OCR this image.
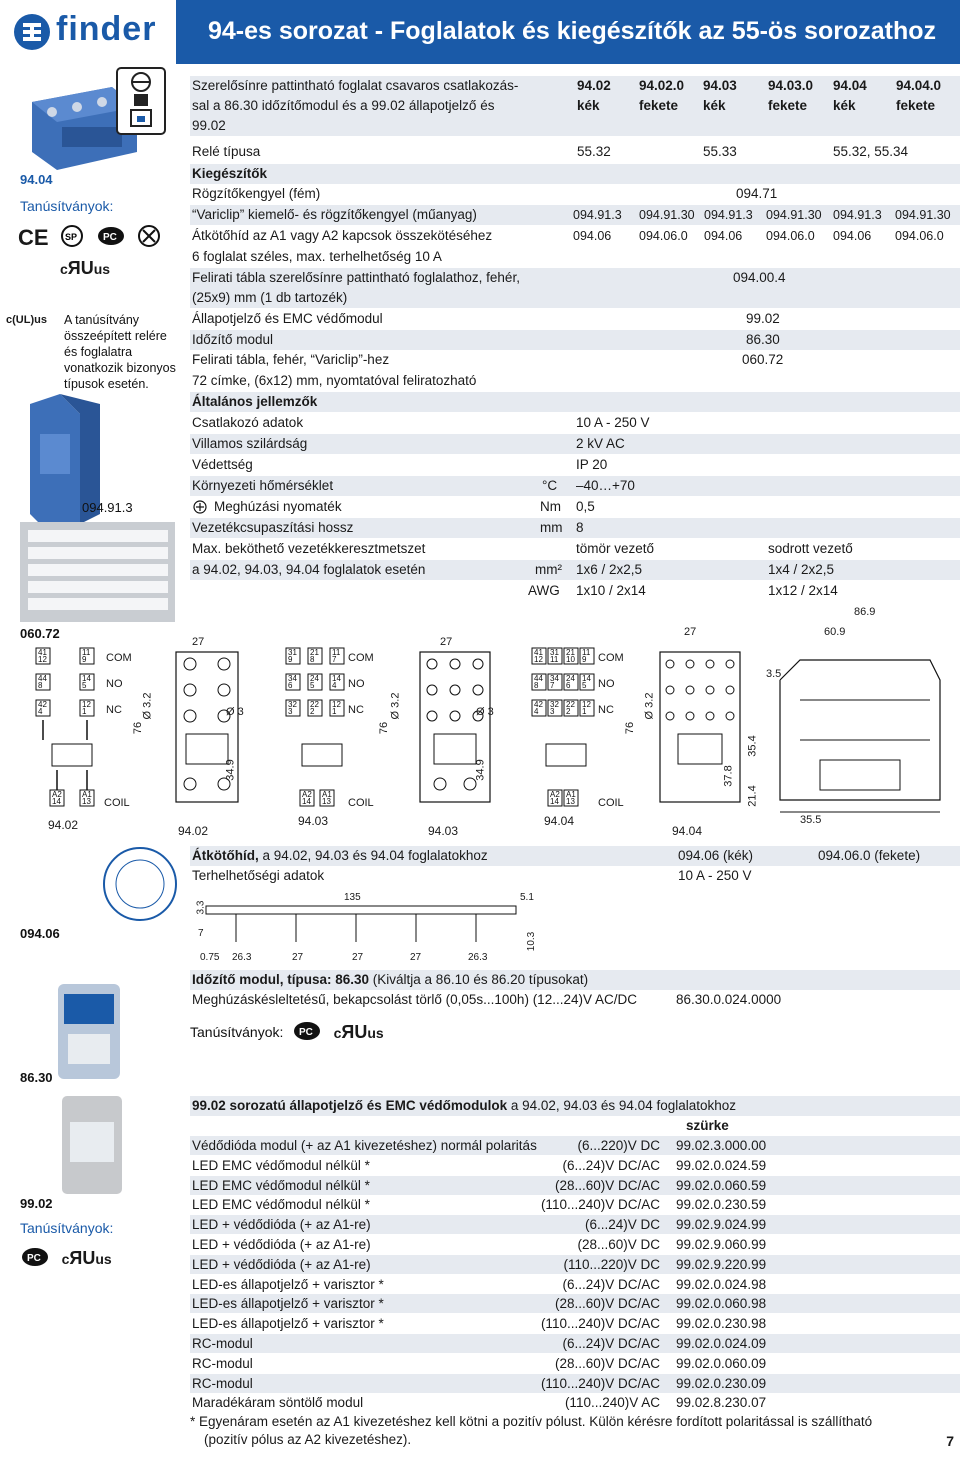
finder 94-es sorozat - Foglalatok és kiegészítők az 55-ös sorozathoz
94.04
Tanúsítványok:
CE SP
	PC

cЯUus
c(UL)us A tanúsítvány összeépített relére és foglalatra vonatkozik bizonyos típusok esetén.
094.91.3
060.72
094.06
86.30
99.02
Tanúsítványok:
PC cЯUus
Szerelősínre pattintható foglalat csavaros csatlakozás-	94.02 94.02.0 94.03 94.03.0 94.04 94.04.0
sal a 86.30 időzítőmodul és a 99.02 állapotjelző és	kék	fekete kék	fekete kék	fekete
99.02
Relé típusa	55.32	55.33	55.32, 55.34
Kiegészítők
Rögzítőkengyel (fém)	094.71
“Variclip” kiemelő- és rögzítőkengyel (műanyag)	094.91.3 094.91.30 094.91.3 094.91.30 094.91.3 094.91.30
Átkötőhíd az A1 vagy A2 kapcsok összekötéséhez	094.06 094.06.0 094.06 094.06.0 094.06 094.06.0
6 foglalat széles, max. terhelhetőség 10 A
Felirati tábla szerelősínre pattintható foglalathoz, fehér,	094.00.4
(25x9) mm (1 db tartozék)
Állapotjelző és EMC védőmodul	99.02
Időzítő modul	86.30
Felirati tábla, fehér, “Variclip”-hez	060.72
72 címke, (6x12) mm, nyomtatóval feliratozható
Általános jellemzők
Csatlakozó adatok	10 A - 250 V
Villamos szilárdság	2 kV AC
Védettség	IP 20
Környezeti hőmérséklet	°C –40…+70
Meghúzási nyomaték	Nm 0,5
Vezetékcsupaszítási hossz	mm 8
Max. beköthető vezetékkeresztmetszet	tömör vezető	sodrott vezető
a 94.02, 94.03, 94.04 foglalatok esetén	mm² 1x6 / 2x2,5	1x4 / 2x2,5
AWG 1x10 / 2x14	1x12 / 2x14
41
12
11
9
44
8
14
5
42
4
12
1
A2
14
A1
13
COM
NO
NC
COIL
94.02
27
76
Ø 3.2	Ø 3
34.9
94.02
31
9
21
8
11
7
34
6
24
5
14
4
32
3
22
2
12
1
A2
14
A1
13
COM
NO
NC
COIL
94.03
27
76
Ø 3.2	Ø 3
34.9
94.03
41
12
31
11
21
10
11
9
44
8
34
7
24
6
14
5
42
4
32
3
22
2
12
1
A2
14
A1
13
COM
NO
NC
COIL
94.04
27
76
Ø 3.2
94.04
86.9
60.9
3.5
35.4
37.8
21.4
35.5
Átkötőhíd, a 94.02, 94.03 és 94.04 foglalatokhoz	094.06 (kék)	094.06.0 (fekete)
Terhelhetőségi adatok	10 A - 250 V
135	5.1
3.3
7
0.75 26.3	27	27	27	26.3
10.3
Időzítő modul, típusa: 86.30 (Kiváltja a 86.10 és 86.20 típusokat)
Meghúzáskésleltetésű, bekapcsolást törlő (0,05s...100h) (12...24)V AC/DC	86.30.0.024.0000
Tanúsítványok: PC cЯUus
99.02 sorozatú állapotjelző és EMC védőmodulok a 94.02, 94.03 és 94.04 foglalatokhoz
szürke
Védődióda modul (+ az A1 kivezetéshez) normál polaritás	(6...220)V DC 99.02.3.000.00
LED EMC védőmodul nélkül *	(6...24)V DC/AC 99.02.0.024.59
LED EMC védőmodul nélkül *	(28...60)V DC/AC 99.02.0.060.59
LED EMC védőmodul nélkül *	(110...240)V DC/AC 99.02.0.230.59
LED + védődióda (+ az A1-re)	(6...24)V DC 99.02.9.024.99
LED + védődióda (+ az A1-re)	(28...60)V DC 99.02.9.060.99
LED + védődióda (+ az A1-re)	(110...220)V DC 99.02.9.220.99
LED-es állapotjelző + varisztor *	(6...24)V DC/AC 99.02.0.024.98
LED-es állapotjelző + varisztor *	(28...60)V DC/AC 99.02.0.060.98
LED-es állapotjelző + varisztor *	(110...240)V DC/AC 99.02.0.230.98
RC-modul	(6...24)V DC/AC 99.02.0.024.09
RC-modul	(28...60)V DC/AC 99.02.0.060.09
RC-modul	(110...240)V DC/AC 99.02.0.230.09
Maradékáram söntölő modul	(110...240)V AC 99.02.8.230.07
* Egyenáram esetén az A1 kivezetéshez kell kötni a pozitív pólust. Külön kérésre fordított polaritással is szállítható
(pozitív pólus az A2 kivezetéshez).	7
